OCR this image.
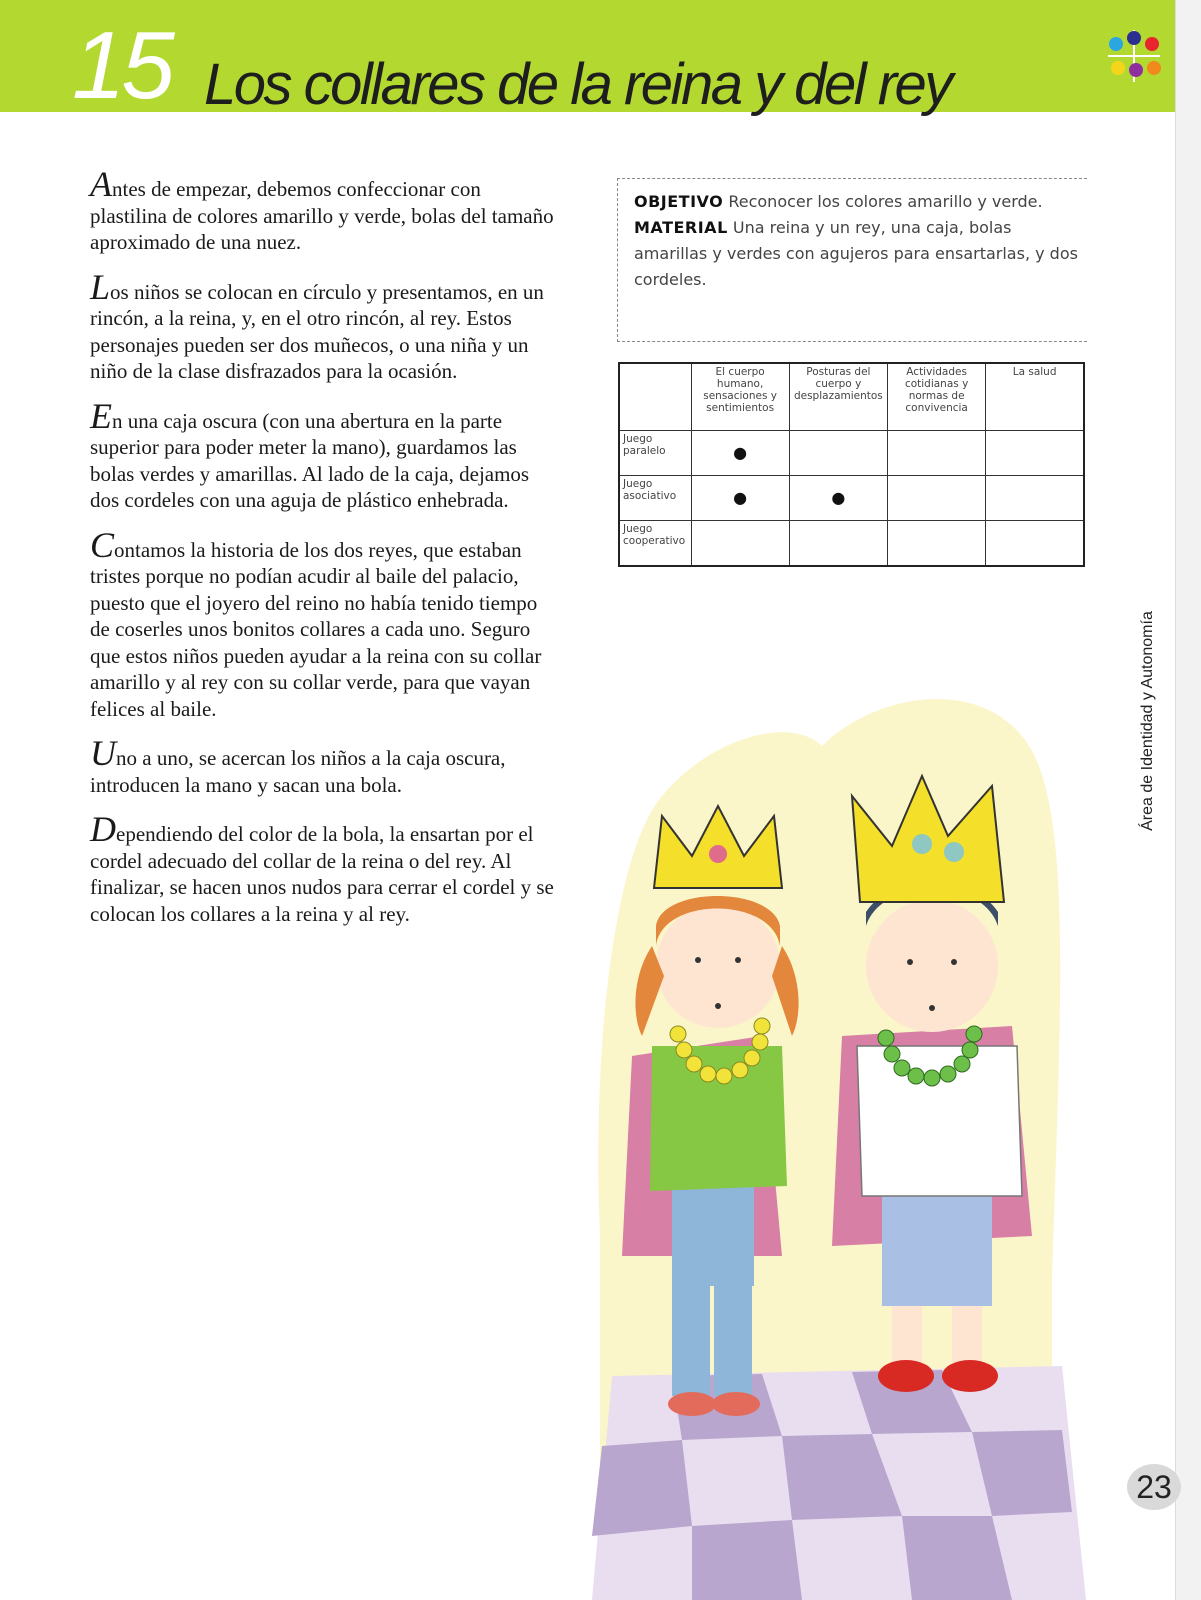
15 Los collares de la reina y del rey

Antes de empezar, debemos confeccionar con plastilina de colores amarillo y verde, bolas del tamaño aproximado de una nuez.

Los niños se colocan en círculo y presentamos, en un rincón, a la reina, y, en el otro rincón, al rey. Estos personajes pueden ser dos muñecos, o una niña y un niño de la clase disfrazados para la ocasión.

En una caja oscura (con una abertura en la parte superior para poder meter la mano), guardamos las bolas verdes y amarillas. Al lado de la caja, dejamos dos cordeles con una aguja de plástico enhebrada.

Contamos la historia de los dos reyes, que estaban tristes porque no podían acudir al baile del palacio, puesto que el joyero del reino no había tenido tiempo de coserles unos bonitos collares a cada uno. Seguro que estos niños pueden ayudar a la reina con su collar amarillo y al rey con su collar verde, para que vayan felices al baile.

Uno a uno, se acercan los niños a la caja oscura, introducen la mano y sacan una bola.

Dependiendo del color de la bola, la ensartan por el cordel adecuado del collar de la reina o del rey. Al finalizar, se hacen unos nudos para cerrar el cordel y se colocan los collares a la reina y al rey.

OBJETIVO Reconocer los colores amarillo y verde.
MATERIAL Una reina y un rey, una caja, bolas amarillas y verdes con agujeros para ensartarlas, y dos cordeles.
	El cuerpo humano, sensaciones y sentimientos	Posturas del cuerpo y desplazamientos	Actividades cotidianas y normas de convivencia	La salud
Juego paralelo	●			
Juego asociativo	●	●		
Juego cooperativo				
Área de Identidad y Autonomía
23
